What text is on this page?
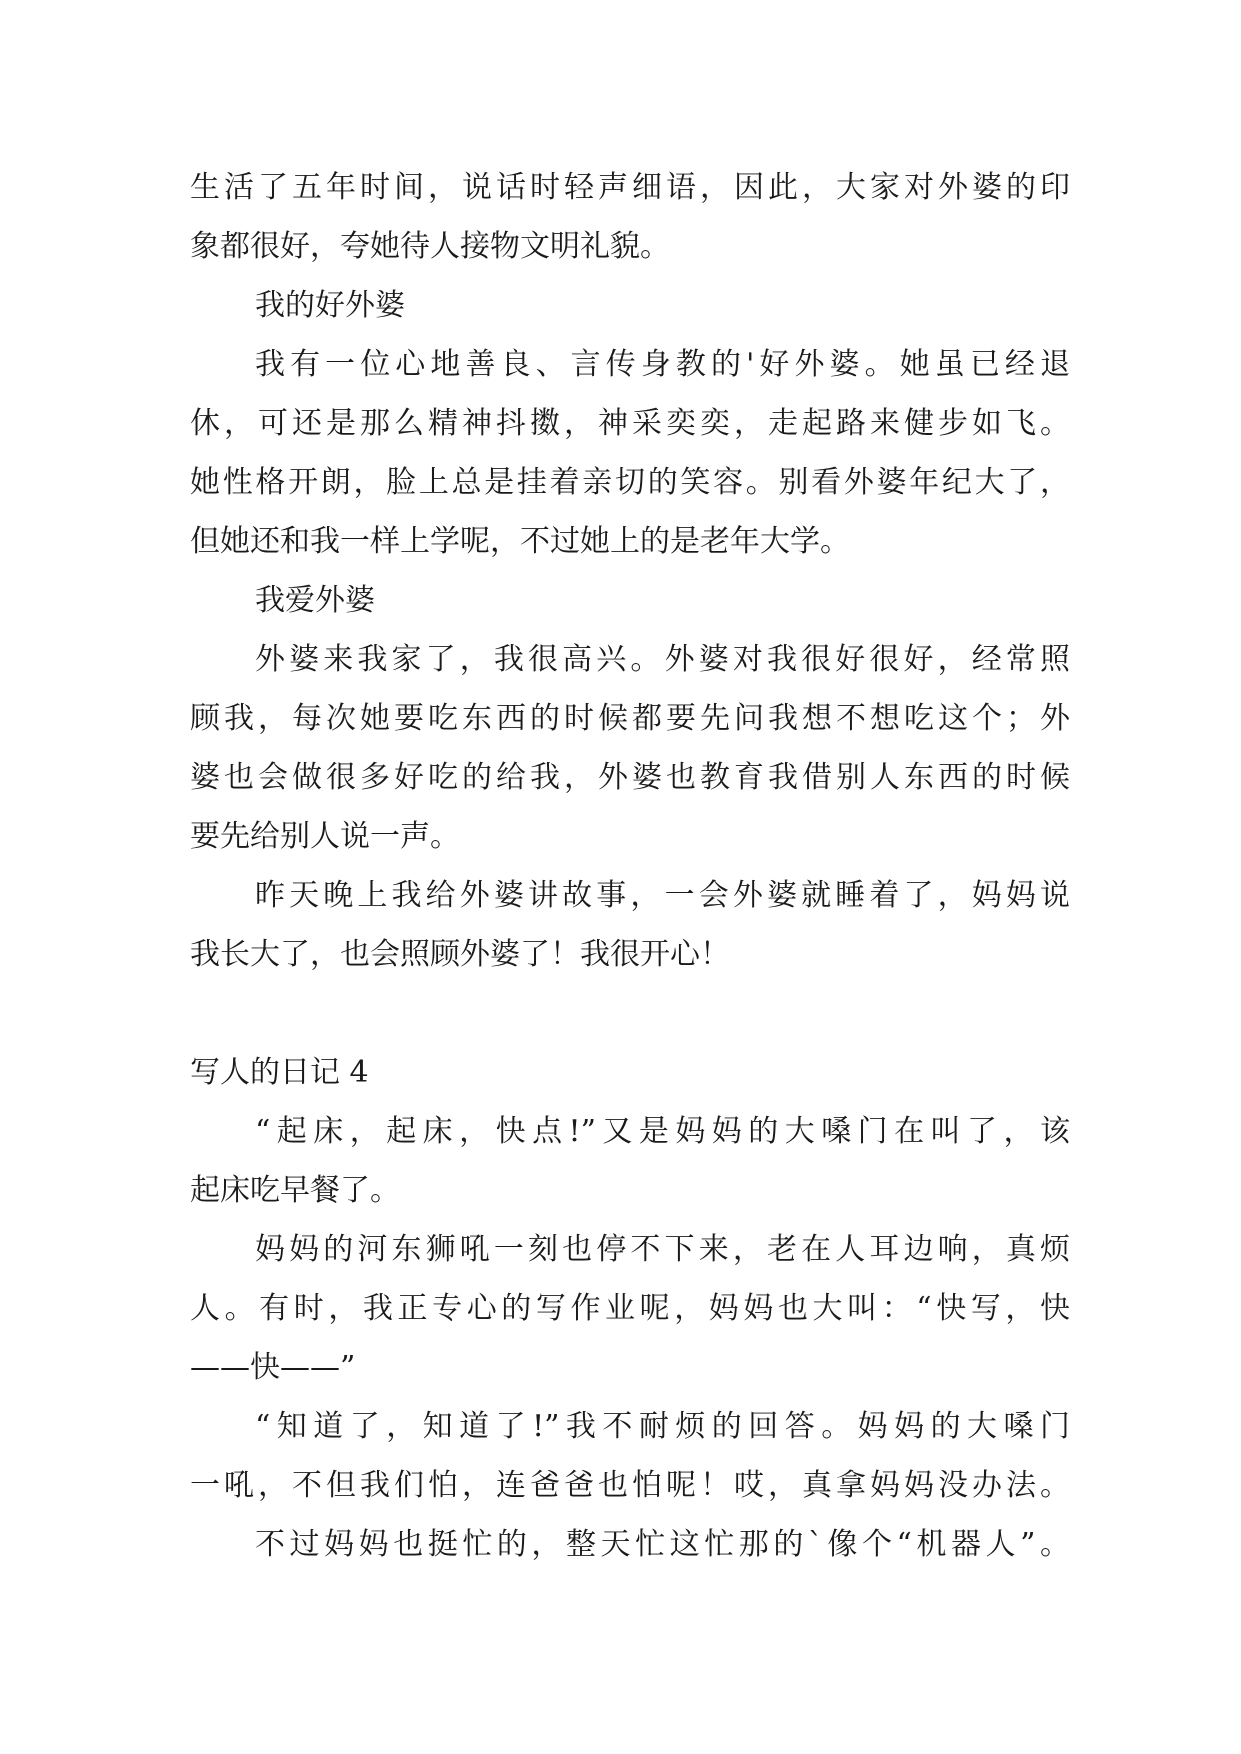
生活了五年时间，说话时轻声细语，因此，大家对外婆的印
象都很好，夸她待人接物文明礼貌。
我的好外婆
我有一位心地善良、言传身教的'好外婆。她虽已经退
休，可还是那么精神抖擞，神采奕奕，走起路来健步如飞。
她性格开朗，脸上总是挂着亲切的笑容。别看外婆年纪大了，
但她还和我一样上学呢，不过她上的是老年大学。
我爱外婆
外婆来我家了，我很高兴。外婆对我很好很好，经常照
顾我，每次她要吃东西的时候都要先问我想不想吃这个；外
婆也会做很多好吃的给我，外婆也教育我借别人东西的时候
要先给别人说一声。
昨天晚上我给外婆讲故事，一会外婆就睡着了，妈妈说
我长大了，也会照顾外婆了！我很开心！
写人的日记 4
“起床，起床，快点!”又是妈妈的大嗓门在叫了，该
起床吃早餐了。
妈妈的河东狮吼一刻也停不下来，老在人耳边响，真烦
人。有时，我正专心的写作业呢，妈妈也大叫：“快写，快
——快——”
“知道了，知道了!”我不耐烦的回答。妈妈的大嗓门
一吼，不但我们怕，连爸爸也怕呢！哎，真拿妈妈没办法。
不过妈妈也挺忙的，整天忙这忙那的`像个“机器人”。
